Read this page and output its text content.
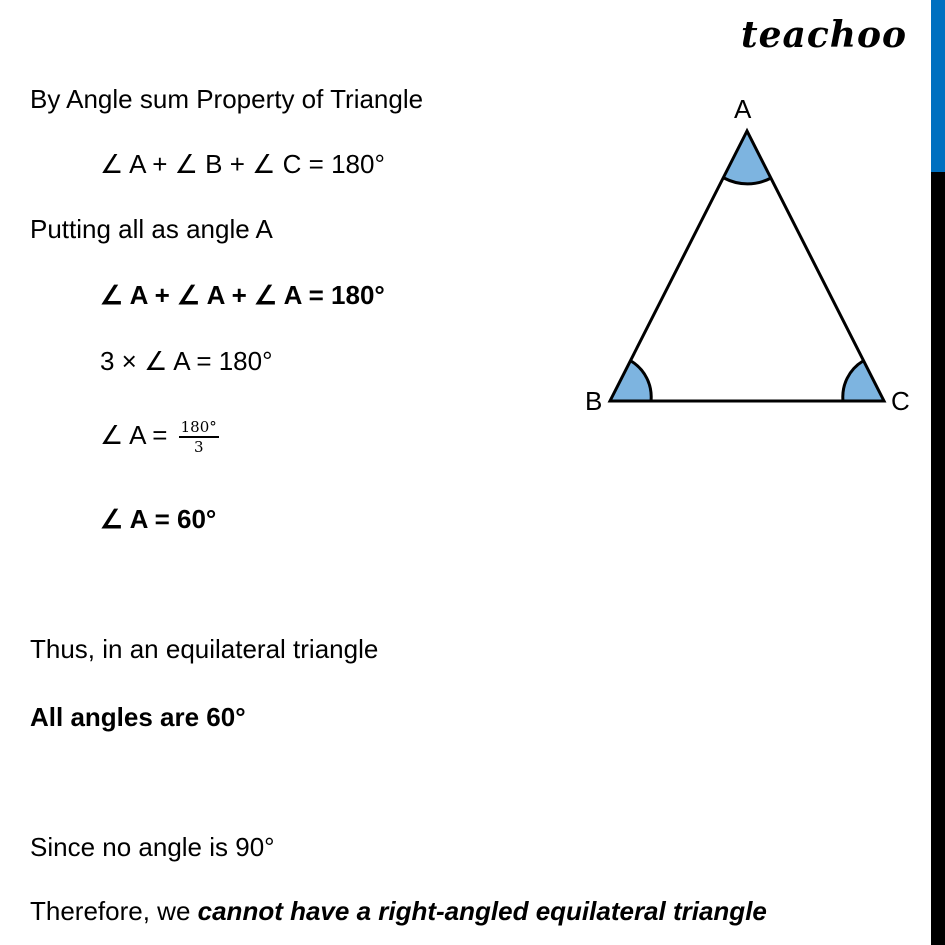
teachoo
By Angle sum Property of Triangle
∠ A + ∠ B + ∠ C = 180°
Putting all as angle A
∠ A + ∠ A + ∠ A = 180°
3 × ∠ A = 180°
∠ $A = \frac{180^\circ}{3}$
∠ A = 60°
Thus, in an equilateral triangle
All angles are 60°
Since no angle is 90°
Therefore, we cannot have a right-angled equilateral triangle
A
B	C
